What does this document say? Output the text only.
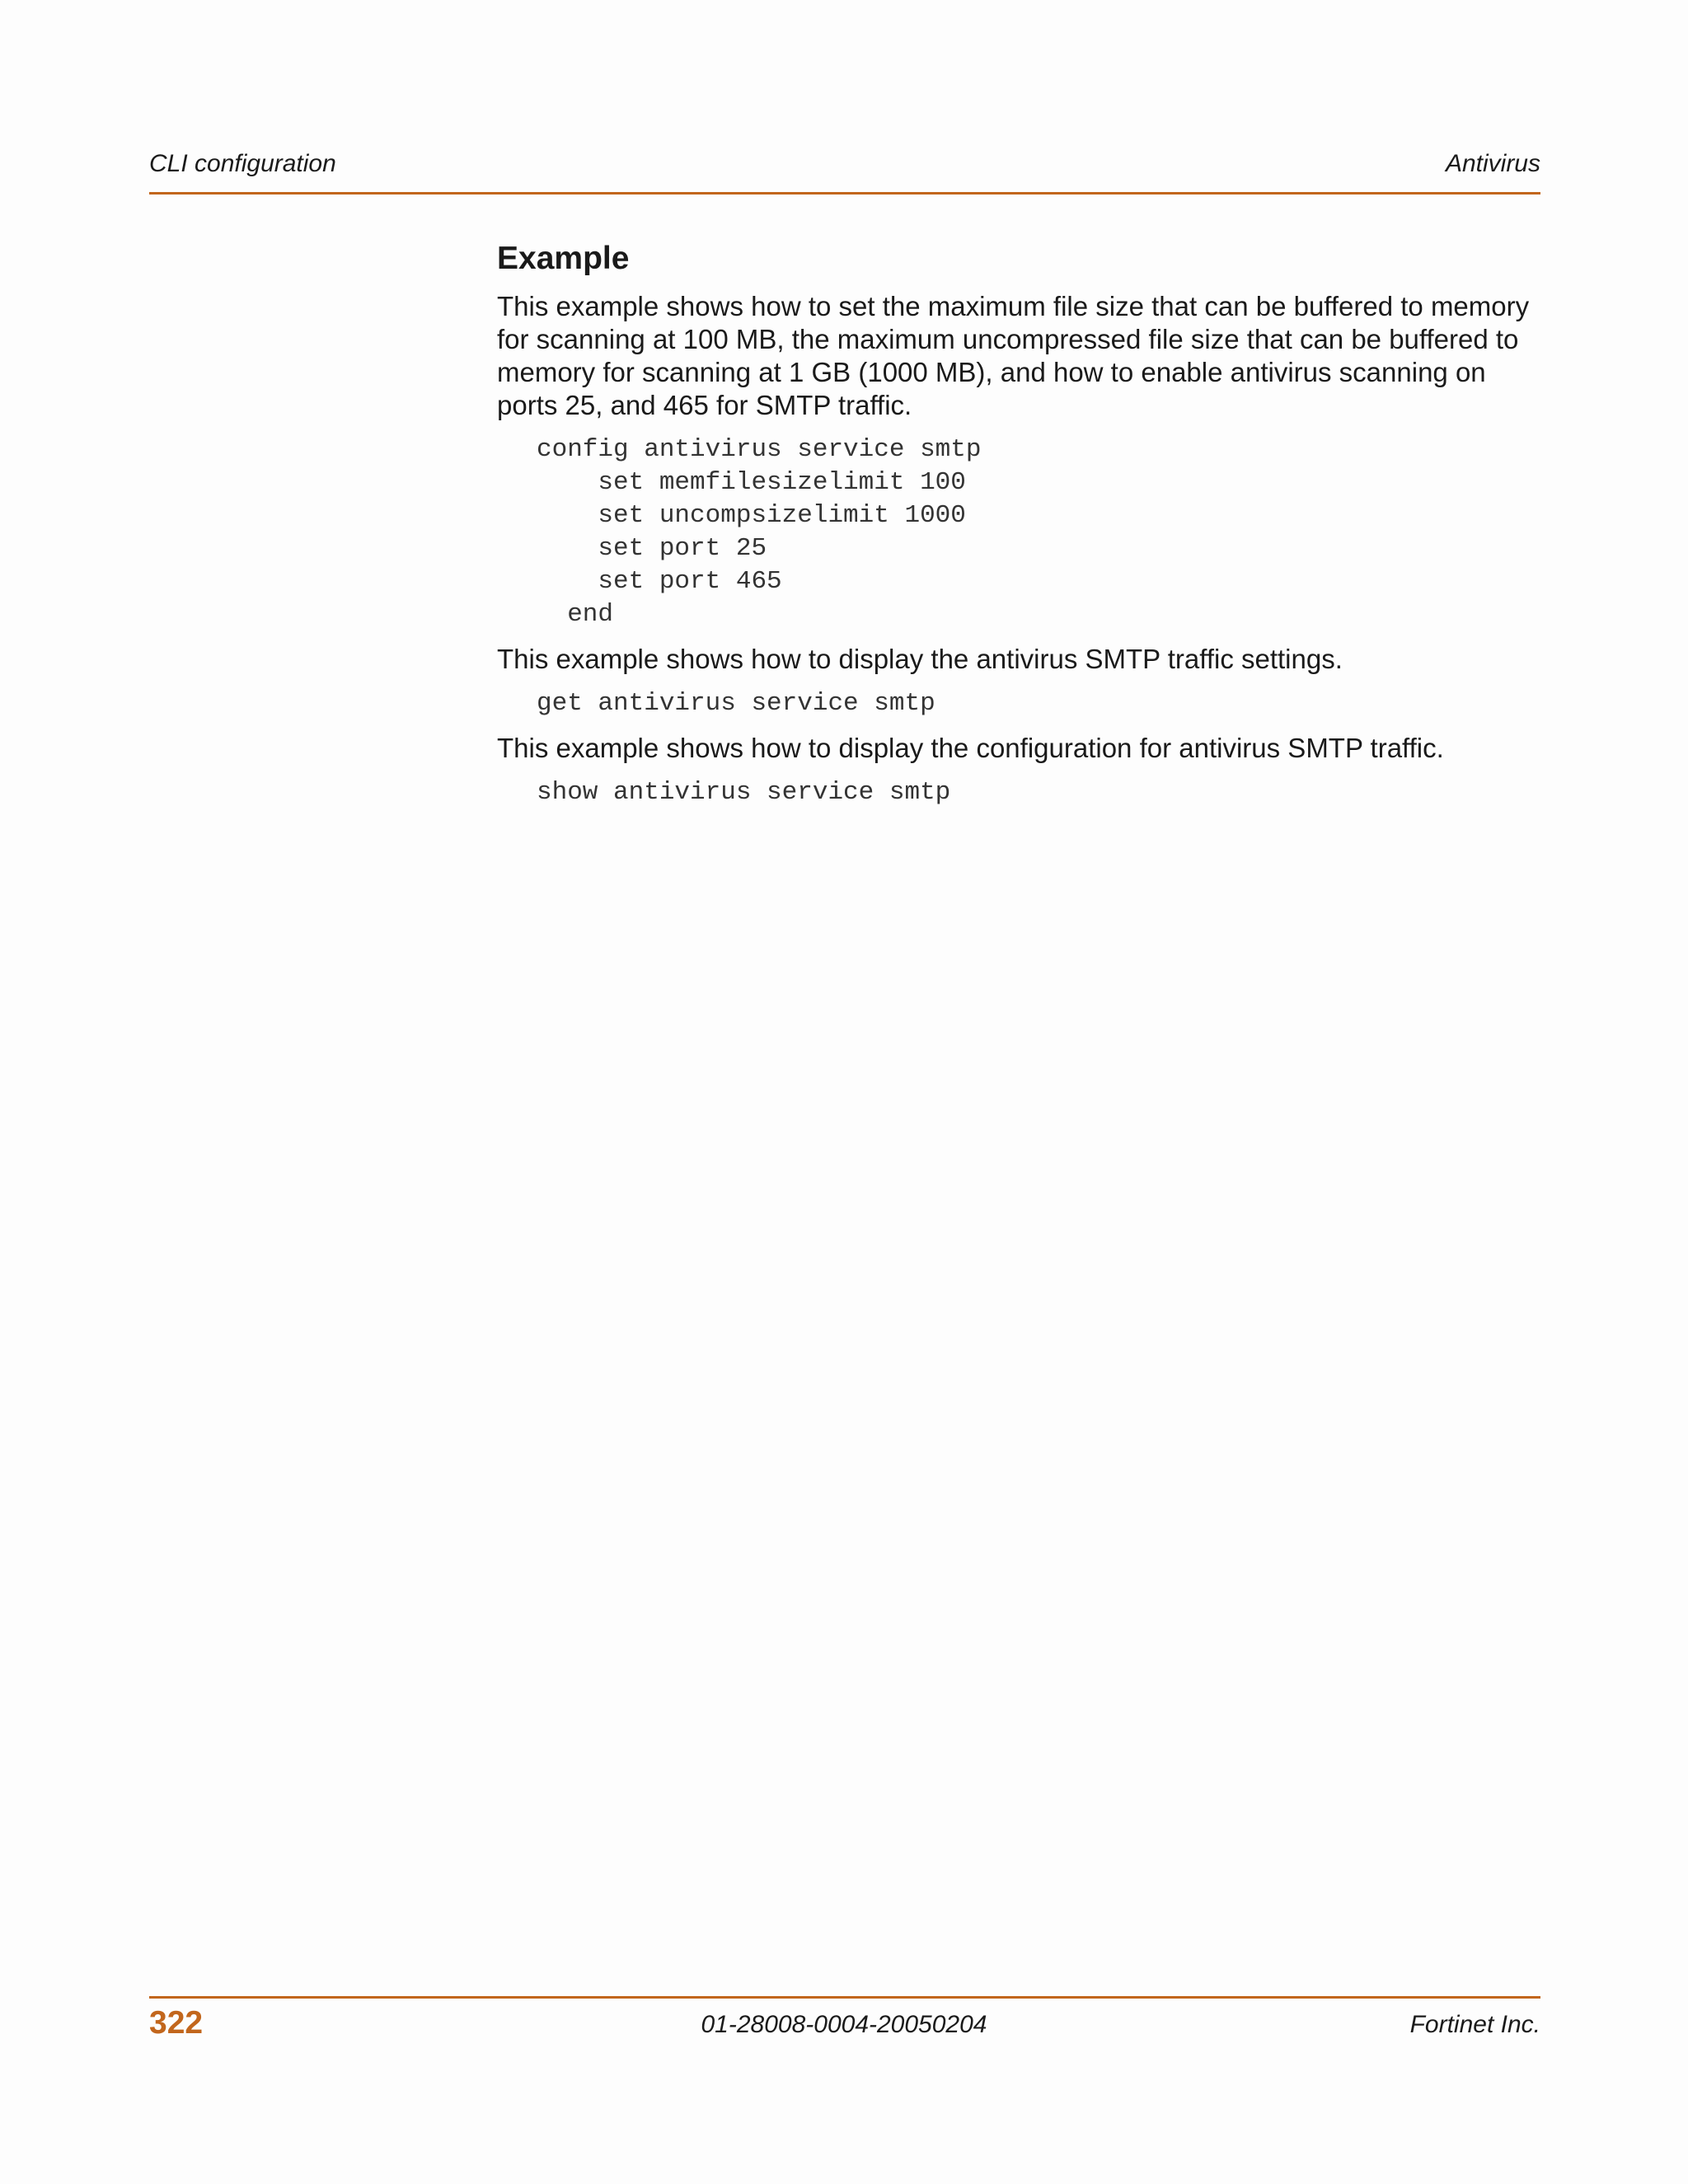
CLI configuration	Antivirus
Example

This example shows how to set the maximum file size that can be buffered to memory for scanning at 100 MB, the maximum uncompressed file size that can be buffered to memory for scanning at 1 GB (1000 MB), and how to enable antivirus scanning on ports 25, and 465 for SMTP traffic.

config antivirus service smtp
set memfilesizelimit 100
set uncompsizelimit 1000
set port 25
set port 465
end

This example shows how to display the antivirus SMTP traffic settings.

get antivirus service smtp

This example shows how to display the configuration for antivirus SMTP traffic.

show antivirus service smtp
322	01-28008-0004-20050204	Fortinet Inc.
